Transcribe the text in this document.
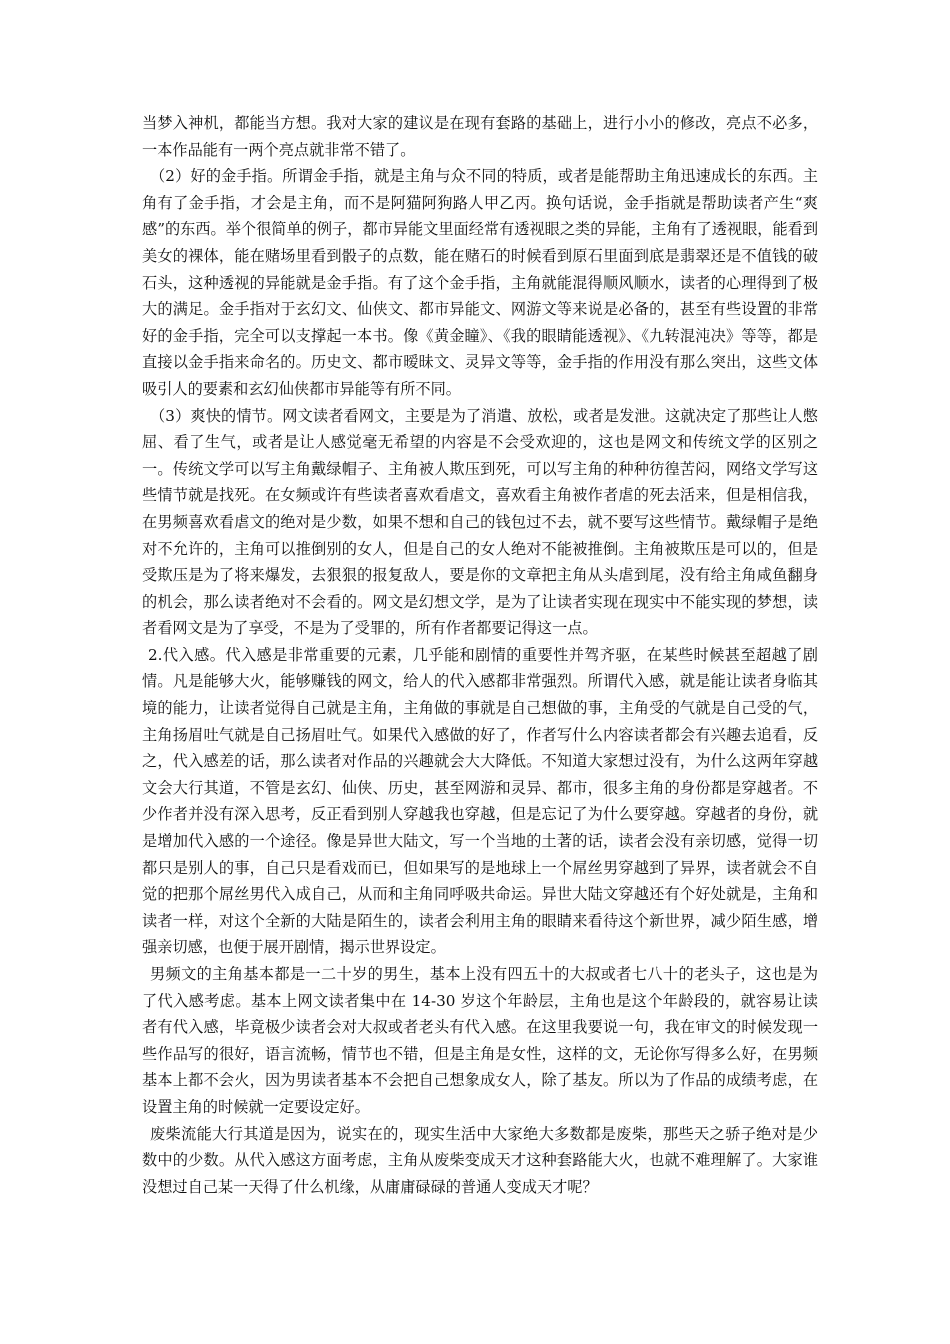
当梦入神机，都能当方想。我对大家的建议是在现有套路的基础上，进行小小的修改，亮点不必多，一本作品能有一两个亮点就非常不错了。

（2）好的金手指。所谓金手指，就是主角与众不同的特质，或者是能帮助主角迅速成长的东西。主角有了金手指，才会是主角，而不是阿猫阿狗路人甲乙丙。换句话说，金手指就是帮助读者产生“爽感”的东西。举个很简单的例子，都市异能文里面经常有透视眼之类的异能，主角有了透视眼，能看到美女的裸体，能在赌场里看到骰子的点数，能在赌石的时候看到原石里面到底是翡翠还是不值钱的破石头，这种透视的异能就是金手指。有了这个金手指，主角就能混得顺风顺水，读者的心理得到了极大的满足。金手指对于玄幻文、仙侠文、都市异能文、网游文等来说是必备的，甚至有些设置的非常好的金手指，完全可以支撑起一本书。像《黄金瞳》、《我的眼睛能透视》、《九转混沌决》等等，都是直接以金手指来命名的。历史文、都市暧昧文、灵异文等等，金手指的作用没有那么突出，这些文体吸引人的要素和玄幻仙侠都市异能等有所不同。

（3）爽快的情节。网文读者看网文，主要是为了消遣、放松，或者是发泄。这就决定了那些让人憋屈、看了生气，或者是让人感觉毫无希望的内容是不会受欢迎的，这也是网文和传统文学的区别之一。传统文学可以写主角戴绿帽子、主角被人欺压到死，可以写主角的种种彷徨苦闷，网络文学写这些情节就是找死。在女频或许有些读者喜欢看虐文，喜欢看主角被作者虐的死去活来，但是相信我，在男频喜欢看虐文的绝对是少数，如果不想和自己的钱包过不去，就不要写这些情节。戴绿帽子是绝对不允许的，主角可以推倒别的女人，但是自己的女人绝对不能被推倒。主角被欺压是可以的，但是受欺压是为了将来爆发，去狠狠的报复敌人，要是你的文章把主角从头虐到尾，没有给主角咸鱼翻身的机会，那么读者绝对不会看的。网文是幻想文学，是为了让读者实现在现实中不能实现的梦想，读者看网文是为了享受，不是为了受罪的，所有作者都要记得这一点。

2.代入感。代入感是非常重要的元素，几乎能和剧情的重要性并驾齐驱，在某些时候甚至超越了剧情。凡是能够大火，能够赚钱的网文，给人的代入感都非常强烈。所谓代入感，就是能让读者身临其境的能力，让读者觉得自己就是主角，主角做的事就是自己想做的事，主角受的气就是自己受的气，主角扬眉吐气就是自己扬眉吐气。如果代入感做的好了，作者写什么内容读者都会有兴趣去追看，反之，代入感差的话，那么读者对作品的兴趣就会大大降低。不知道大家想过没有，为什么这两年穿越文会大行其道，不管是玄幻、仙侠、历史，甚至网游和灵异、都市，很多主角的身份都是穿越者。不少作者并没有深入思考，反正看到别人穿越我也穿越，但是忘记了为什么要穿越。穿越者的身份，就是增加代入感的一个途径。像是异世大陆文，写一个当地的土著的话，读者会没有亲切感，觉得一切都只是别人的事，自己只是看戏而已，但如果写的是地球上一个屌丝男穿越到了异界，读者就会不自觉的把那个屌丝男代入成自己，从而和主角同呼吸共命运。异世大陆文穿越还有个好处就是，主角和读者一样，对这个全新的大陆是陌生的，读者会利用主角的眼睛来看待这个新世界，减少陌生感，增强亲切感，也便于展开剧情，揭示世界设定。

男频文的主角基本都是一二十岁的男生，基本上没有四五十的大叔或者七八十的老头子，这也是为了代入感考虑。基本上网文读者集中在 14-30 岁这个年龄层，主角也是这个年龄段的，就容易让读者有代入感，毕竟极少读者会对大叔或者老头有代入感。在这里我要说一句，我在审文的时候发现一些作品写的很好，语言流畅，情节也不错，但是主角是女性，这样的文，无论你写得多么好，在男频基本上都不会火，因为男读者基本不会把自己想象成女人，除了基友。所以为了作品的成绩考虑，在设置主角的时候就一定要设定好。

废柴流能大行其道是因为，说实在的，现实生活中大家绝大多数都是废柴，那些天之骄子绝对是少数中的少数。从代入感这方面考虑，主角从废柴变成天才这种套路能大火，也就不难理解了。大家谁没想过自己某一天得了什么机缘，从庸庸碌碌的普通人变成天才呢？
